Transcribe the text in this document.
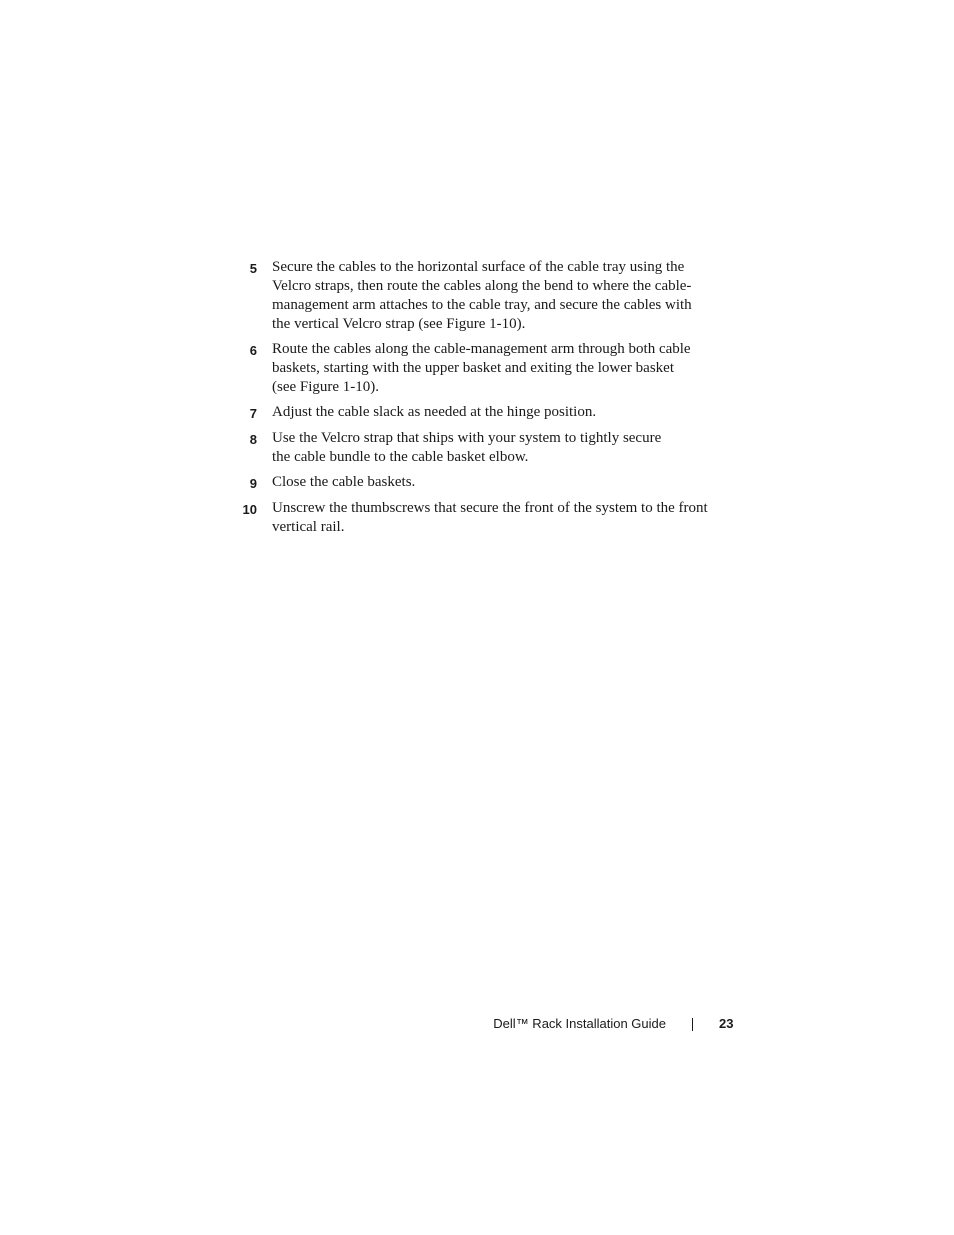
5	Secure the cables to the horizontal surface of the cable tray using the
Velcro straps, then route the cables along the bend to where the cable-
management arm attaches to the cable tray, and secure the cables with
the vertical Velcro strap (see Figure 1-10).
6	Route the cables along the cable-management arm through both cable
baskets, starting with the upper basket and exiting the lower basket
(see Figure 1-10).
7	Adjust the cable slack as needed at the hinge position.
8	Use the Velcro strap that ships with your system to tightly secure
the cable bundle to the cable basket elbow.
9	Close the cable baskets.
10	Unscrew the thumbscrews that secure the front of the system to the front
vertical rail.
Dell™ Rack Installation Guide	23
